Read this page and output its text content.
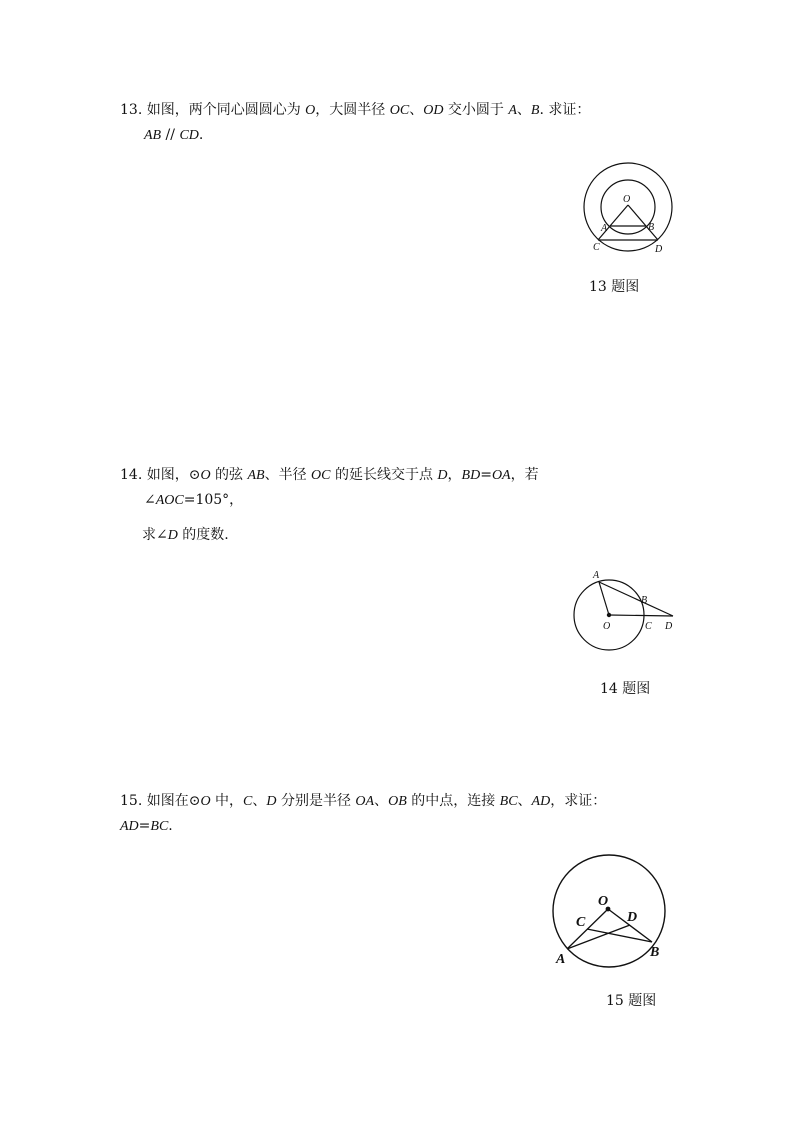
13. 如图，两个同心圆圆心为 O，大圆半径 OC、OD 交小圆于 A、B. 求证：
AB // CD.
O
A	B
C	D
13 题图
14. 如图，⊙O 的弦 AB、半径 OC 的延长线交于点 D，BD=OA，若
∠AOC=105°，
求∠D 的度数.
A
B
O	C D
14 题图
15. 如图在⊙O 中，C、D 分别是半径 OA、OB 的中点，连接 BC、AD，求证：
AD=BC.
O
C	D
A	B
15 题图
